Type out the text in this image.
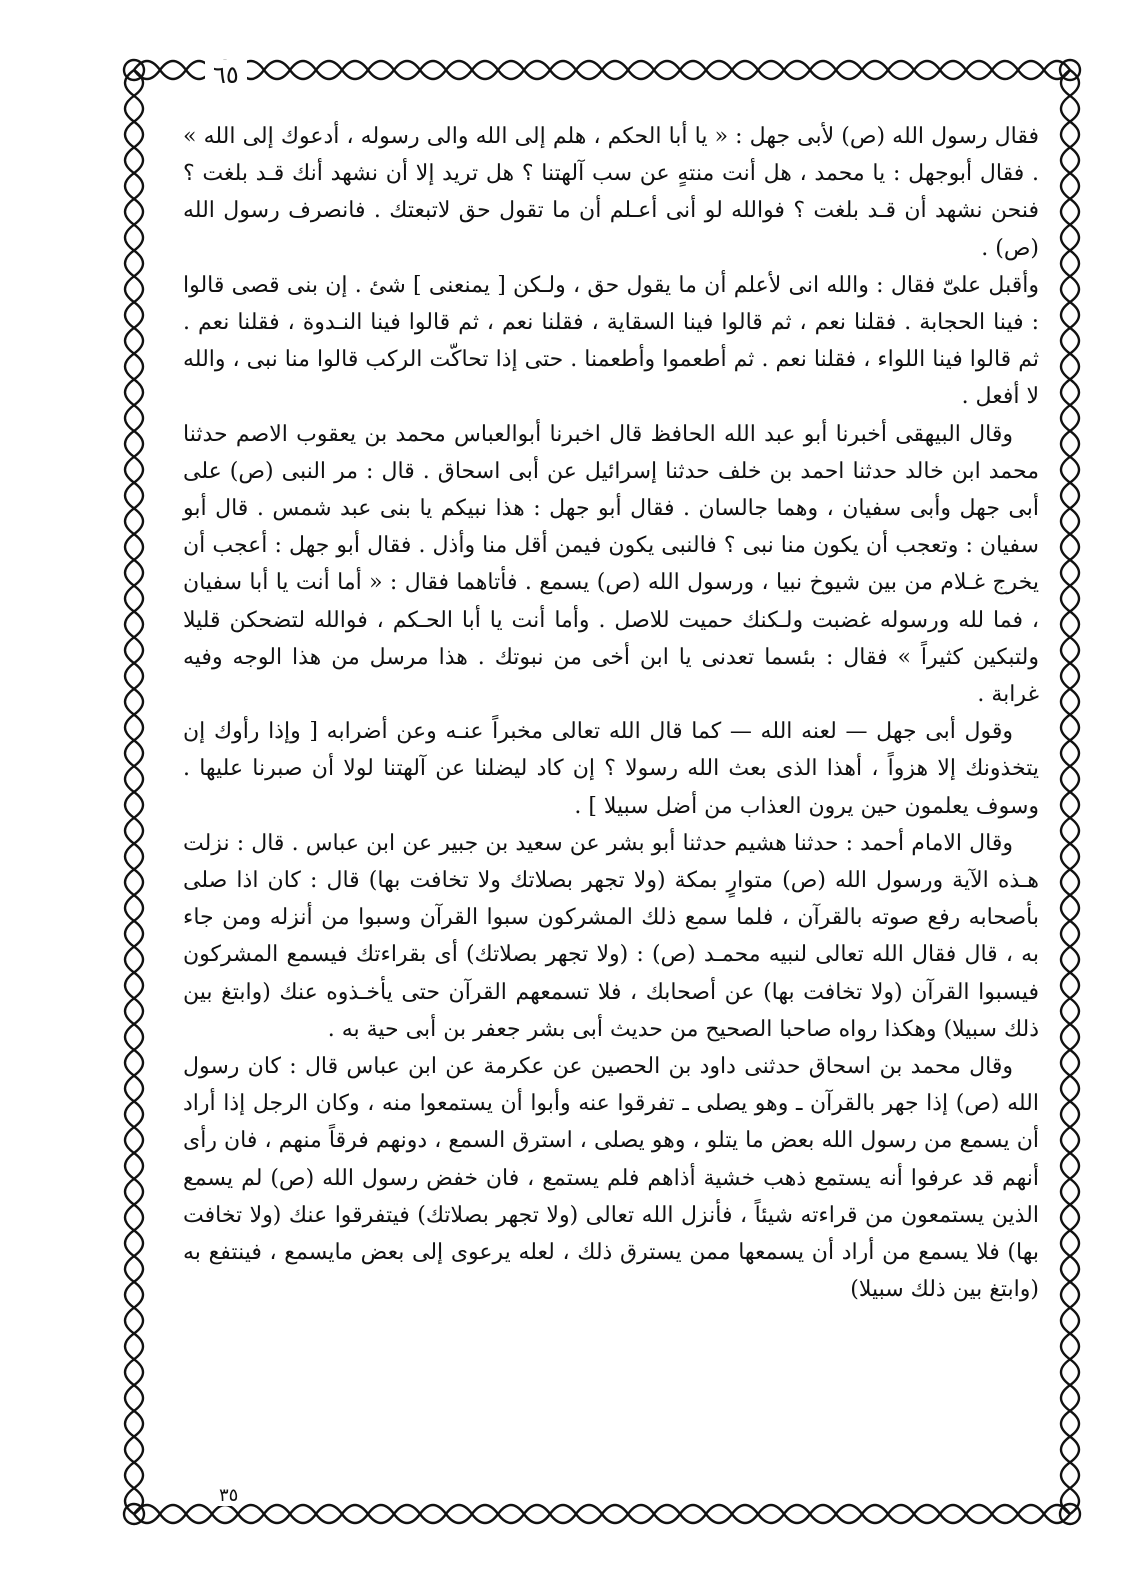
٦٥

فقال رسول الله (ص) لأبى جهل : « يا أبا الحكم ، هلم إلى الله والى رسوله ، أدعوك إلى الله » . فقال أبوجهل : يا محمد ، هل أنت منتهٍ عن سب آلهتنا ؟ هل تريد إلا أن نشهد أنك قـد بلغت ؟ فنحن نشهد أن قـد بلغت ؟ فوالله لو أنى أعـلم أن ما تقول حق لاتبعتك . فانصرف رسول الله (ص) .

وأقبل علىّ فقال : والله انى لأعلم أن ما يقول حق ، ولـكن [ يمنعنى ] شئ . إن بنى قصى قالوا : فينا الحجابة . فقلنا نعم ، ثم قالوا فينا السقاية ، فقلنا نعم ، ثم قالوا فينا النـدوة ، فقلنا نعم . ثم قالوا فينا اللواء ، فقلنا نعم . ثم أطعموا وأطعمنا . حتى إذا تحاكّت الركب قالوا منا نبى ، والله لا أفعل .

وقال البيهقى أخبرنا أبو عبد الله الحافظ قال اخبرنا أبوالعباس محمد بن يعقوب الاصم حدثنا محمد ابن خالد حدثنا احمد بن خلف حدثنا إسرائيل عن أبى اسحاق . قال : مر النبى (ص) على أبى جهل وأبى سفيان ، وهما جالسان . فقال أبو جهل : هذا نبيكم يا بنى عبد شمس . قال أبو سفيان : وتعجب أن يكون منا نبى ؟ فالنبى يكون فيمن أقل منا وأذل . فقال أبو جهل : أعجب أن يخرج غـلام من بين شيوخ نبيا ، ورسول الله (ص) يسمع . فأتاهما فقال : « أما أنت يا أبا سفيان ، فما لله ورسوله غضبت ولـكنك حميت للاصل . وأما أنت يا أبا الحـكم ، فوالله لتضحكن قليلا ولتبكين كثيراً » فقال : بئسما تعدنى يا ابن أخى من نبوتك . هذا مرسل من هذا الوجه وفيه غرابة .

وقول أبى جهل — لعنه الله — كما قال الله تعالى مخبراً عنـه وعن أضرابه [ وإذا رأوك إن يتخذونك إلا هزواً ، أهذا الذى بعث الله رسولا ؟ إن كاد ليضلنا عن آلهتنا لولا أن صبرنا عليها . وسوف يعلمون حين يرون العذاب من أضل سبيلا ] .

وقال الامام أحمد : حدثنا هشيم حدثنا أبو بشر عن سعيد بن جبير عن ابن عباس . قال : نزلت هـذه الآية ورسول الله (ص) متوارٍ بمكة (ولا تجهر بصلاتك ولا تخافت بها) قال : كان اذا صلى بأصحابه رفع صوته بالقرآن ، فلما سمع ذلك المشركون سبوا القرآن وسبوا من أنزله ومن جاء به ، قال فقال الله تعالى لنبيه محمـد (ص) : (ولا تجهر بصلاتك) أى بقراءتك فيسمع المشركون فيسبوا القرآن (ولا تخافت بها) عن أصحابك ، فلا تسمعهم القرآن حتى يأخـذوه عنك (وابتغ بين ذلك سبيلا) وهكذا رواه صاحبا الصحيح من حديث أبى بشر جعفر بن أبى حية به .

وقال محمد بن اسحاق حدثنى داود بن الحصين عن عكرمة عن ابن عباس قال : كان رسول الله (ص) إذا جهر بالقرآن ـ وهو يصلى ـ تفرقوا عنه وأبوا أن يستمعوا منه ، وكان الرجل إذا أراد أن يسمع من رسول الله بعض ما يتلو ، وهو يصلى ، استرق السمع ، دونهم فرقاً منهم ، فان رأى أنهم قد عرفوا أنه يستمع ذهب خشية أذاهم فلم يستمع ، فان خفض رسول الله (ص) لم يسمع الذين يستمعون من قراءته شيئاً ، فأنزل الله تعالى (ولا تجهر بصلاتك) فيتفرقوا عنك (ولا تخافت بها) فلا يسمع من أراد أن يسمعها ممن يسترق ذلك ، لعله يرعوى إلى بعض مايسمع ، فينتفع به (وابتغ بين ذلك سبيلا)

٣٥
